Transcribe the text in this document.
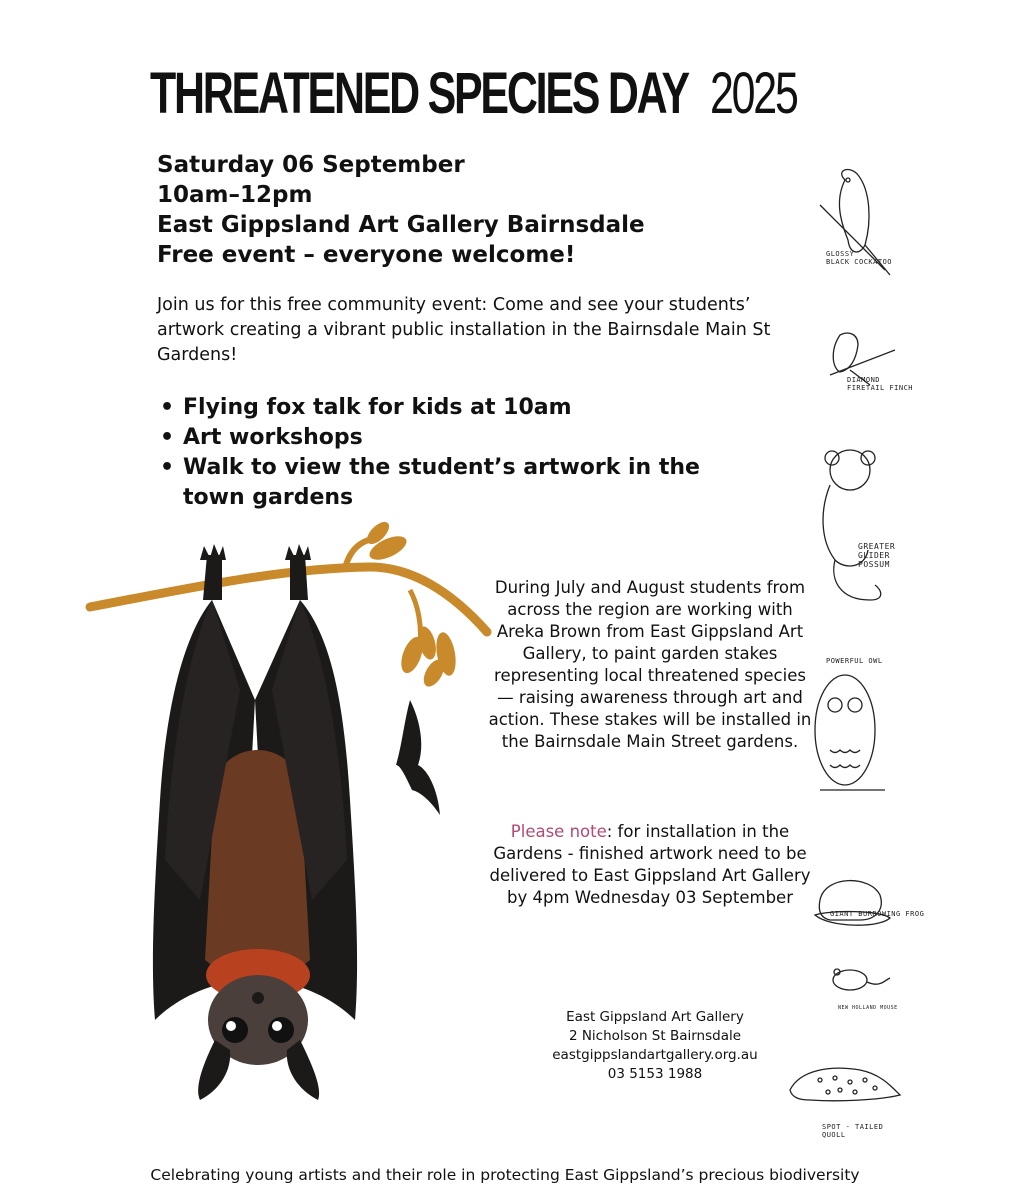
THREATENED SPECIES DAY 2025
Saturday 06 September
10am–12pm
East Gippsland Art Gallery Bairnsdale
Free event – everyone welcome!
Join us for this free community event: Come and see your students’ artwork creating a vibrant public installation in the Bairnsdale Main St Gardens!
• Flying fox talk for kids at 10am
• Art workshops
• Walk to view the student’s artwork in the town gardens
During July and August students from across the region are working with Areka Brown from East Gippsland Art Gallery, to paint garden stakes representing local threatened species — raising awareness through art and action. These stakes will be installed in the Bairnsdale Main Street gardens.
Please note: for installation in the Gardens - finished artwork need to be delivered to East Gippsland Art Gallery by 4pm Wednesday 03 September
East Gippsland Art Gallery
2 Nicholson St Bairnsdale
eastgippslandartgallery.org.au
03 5153 1988
GLOSSY
BLACK COCKATOO
DIAMOND
FIRETAIL FINCH
GREATER
GLIDER
POSSUM
POWERFUL OWL
GIANT BURROWING FROG
NEW HOLLAND MOUSE
SPOT - TAILED
QUOLL
Celebrating young artists and their role in protecting East Gippsland’s precious biodiversity
